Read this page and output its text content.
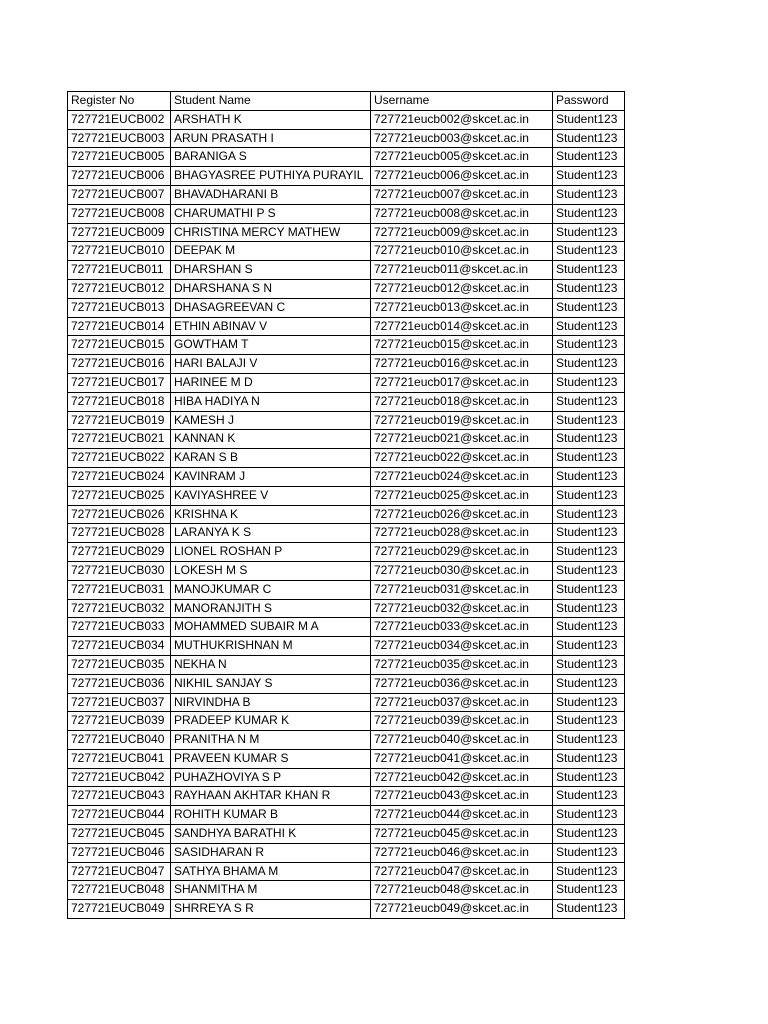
Register No	Student Name	Username	Password
727721EUCB002	ARSHATH K	727721eucb002@skcet.ac.in	Student123
727721EUCB003	ARUN PRASATH I	727721eucb003@skcet.ac.in	Student123
727721EUCB005	BARANIGA S	727721eucb005@skcet.ac.in	Student123
727721EUCB006	BHAGYASREE PUTHIYA PURAYIL	727721eucb006@skcet.ac.in	Student123
727721EUCB007	BHAVADHARANI B	727721eucb007@skcet.ac.in	Student123
727721EUCB008	CHARUMATHI P S	727721eucb008@skcet.ac.in	Student123
727721EUCB009	CHRISTINA MERCY MATHEW	727721eucb009@skcet.ac.in	Student123
727721EUCB010	DEEPAK M	727721eucb010@skcet.ac.in	Student123
727721EUCB011	DHARSHAN S	727721eucb011@skcet.ac.in	Student123
727721EUCB012	DHARSHANA S N	727721eucb012@skcet.ac.in	Student123
727721EUCB013	DHASAGREEVAN C	727721eucb013@skcet.ac.in	Student123
727721EUCB014	ETHIN ABINAV V	727721eucb014@skcet.ac.in	Student123
727721EUCB015	GOWTHAM T	727721eucb015@skcet.ac.in	Student123
727721EUCB016	HARI BALAJI V	727721eucb016@skcet.ac.in	Student123
727721EUCB017	HARINEE M D	727721eucb017@skcet.ac.in	Student123
727721EUCB018	HIBA HADIYA N	727721eucb018@skcet.ac.in	Student123
727721EUCB019	KAMESH J	727721eucb019@skcet.ac.in	Student123
727721EUCB021	KANNAN K	727721eucb021@skcet.ac.in	Student123
727721EUCB022	KARAN S B	727721eucb022@skcet.ac.in	Student123
727721EUCB024	KAVINRAM J	727721eucb024@skcet.ac.in	Student123
727721EUCB025	KAVIYASHREE V	727721eucb025@skcet.ac.in	Student123
727721EUCB026	KRISHNA K	727721eucb026@skcet.ac.in	Student123
727721EUCB028	LARANYA K S	727721eucb028@skcet.ac.in	Student123
727721EUCB029	LIONEL ROSHAN P	727721eucb029@skcet.ac.in	Student123
727721EUCB030	LOKESH M S	727721eucb030@skcet.ac.in	Student123
727721EUCB031	MANOJKUMAR C	727721eucb031@skcet.ac.in	Student123
727721EUCB032	MANORANJITH S	727721eucb032@skcet.ac.in	Student123
727721EUCB033	MOHAMMED SUBAIR M A	727721eucb033@skcet.ac.in	Student123
727721EUCB034	MUTHUKRISHNAN M	727721eucb034@skcet.ac.in	Student123
727721EUCB035	NEKHA N	727721eucb035@skcet.ac.in	Student123
727721EUCB036	NIKHIL SANJAY S	727721eucb036@skcet.ac.in	Student123
727721EUCB037	NIRVINDHA B	727721eucb037@skcet.ac.in	Student123
727721EUCB039	PRADEEP KUMAR K	727721eucb039@skcet.ac.in	Student123
727721EUCB040	PRANITHA N M	727721eucb040@skcet.ac.in	Student123
727721EUCB041	PRAVEEN KUMAR S	727721eucb041@skcet.ac.in	Student123
727721EUCB042	PUHAZHOVIYA S P	727721eucb042@skcet.ac.in	Student123
727721EUCB043	RAYHAAN AKHTAR KHAN R	727721eucb043@skcet.ac.in	Student123
727721EUCB044	ROHITH KUMAR B	727721eucb044@skcet.ac.in	Student123
727721EUCB045	SANDHYA BARATHI K	727721eucb045@skcet.ac.in	Student123
727721EUCB046	SASIDHARAN R	727721eucb046@skcet.ac.in	Student123
727721EUCB047	SATHYA BHAMA M	727721eucb047@skcet.ac.in	Student123
727721EUCB048	SHANMITHA M	727721eucb048@skcet.ac.in	Student123
727721EUCB049	SHRREYA S R	727721eucb049@skcet.ac.in	Student123
